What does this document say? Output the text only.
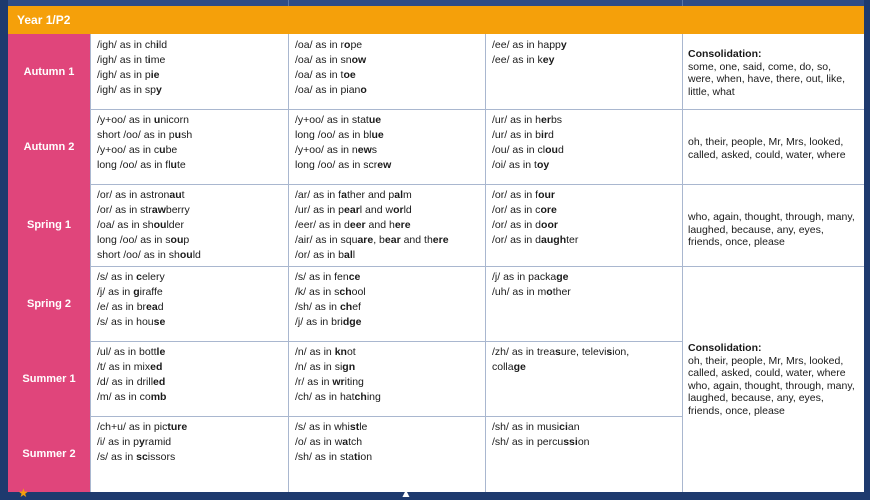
Year 1/P2
Autumn 1
/igh/ as in child
/igh/ as in time
/igh/ as in pie
/igh/ as in spy
/oa/ as in rope
/oa/ as in snow
/oa/ as in toe
/oa/ as in piano
/ee/ as in happy
/ee/ as in key
Autumn 2
/y+oo/ as in unicorn
short /oo/ as in push
/y+oo/ as in cube
long /oo/ as in flute
/y+oo/ as in statue
long /oo/ as in blue
/y+oo/ as in news
long /oo/ as in screw
/ur/ as in herbs
/ur/ as in bird
/ou/ as in cloud
/oi/ as in toy
Spring 1
/or/ as in astronaut
/or/ as in strawberry
/oa/ as in shoulder
long /oo/ as in soup
short /oo/ as in should
/ar/ as in father and palm
/ur/ as in pearl and world
/eer/ as in deer and here
/air/ as in square, bear and there
/or/ as in ball
/or/ as in four
/or/ as in core
/or/ as in door
/or/ as in daughter
Spring 2
/s/ as in celery
/j/ as in giraffe
/e/ as in bread
/s/ as in house
/s/ as in fence
/k/ as in school
/sh/ as in chef
/j/ as in bridge
/j/ as in package
/uh/ as in mother
Summer 1
/ul/ as in bottle
/t/ as in mixed
/d/ as in drilled
/m/ as in comb
/n/ as in knot
/n/ as in sign
/r/ as in writing
/ch/ as in hatching
/zh/ as in treasure, television,
collage
Summer 2
/ch+u/ as in picture
/i/ as in pyramid
/s/ as in scissors
/s/ as in whistle
/o/ as in watch
/sh/ as in station
/sh/ as in musician
/sh/ as in percussion
Consolidation:
some, one, said, come, do, so, were, when, have, there, out, like, little, what
oh, their, people, Mr, Mrs, looked, called, asked, could, water, where
who, again, thought, through, many, laughed, because, any, eyes, friends, once, please
Consolidation:
oh, their, people, Mr, Mrs, looked, called, asked, could, water, where who, again, thought, through, many, laughed, because, any, eyes, friends, once, please
★	▲
